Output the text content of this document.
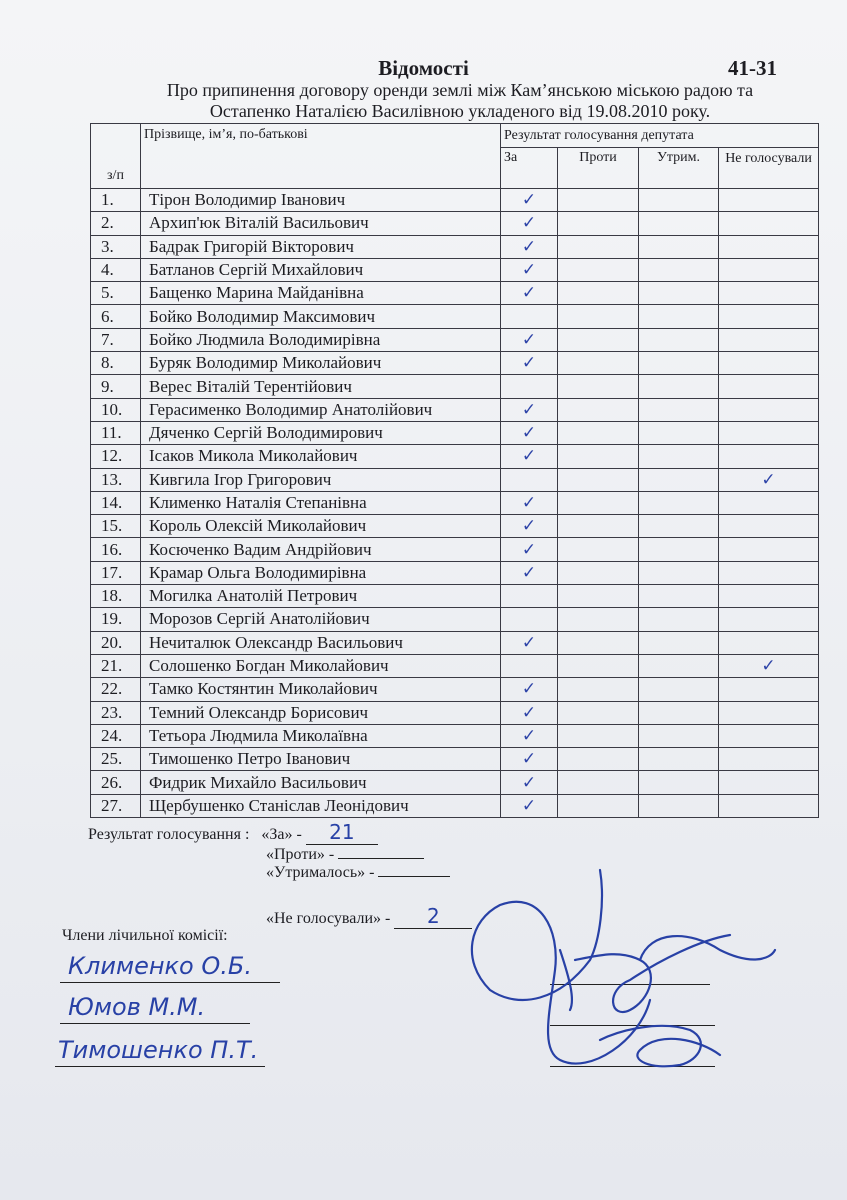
Відомості	41-31
Про припинення договору оренди землі між Кам’янською міською радою та
Остапенко Наталією Василівною укладеного від 19.08.2010 року.
з/п	Прізвище, ім’я, по-батькові	Результат голосування депутата			
		За	Проти	Утрим.	Не голосували
1.	Тірон Володимир Іванович	✓			
2.	Архип'юк Віталій Васильович	✓			
3.	Бадрак Григорій Вікторович	✓			
4.	Батланов Сергій Михайлович	✓			
5.	Бащенко Марина Майданівна	✓			
6.	Бойко Володимир Максимович				
7.	Бойко Людмила Володимирівна	✓			
8.	Буряк Володимир Миколайович	✓			
9.	Верес Віталій Терентійович				
10.	Герасименко Володимир Анатолійович	✓			
11.	Дяченко Сергій Володимирович	✓			
12.	Ісаков Микола Миколайович	✓			
13.	Кивгила Ігор Григорович				✓
14.	Клименко Наталія Степанівна	✓			
15.	Король Олексій Миколайович	✓			
16.	Косюченко Вадим Андрійович	✓			
17.	Крамар Ольга Володимирівна	✓			
18.	Могилка Анатолій Петрович				
19.	Морозов Сергій Анатолійович				
20.	Нечиталюк Олександр Васильович	✓			
21.	Солошенко Богдан Миколайович				✓
22.	Тамко Костянтин Миколайович	✓			
23.	Темний Олександр Борисович	✓			
24.	Тетьора Людмила Миколаївна	✓			
25.	Тимошенко Петро Іванович	✓			
26.	Фидрик Михайло Васильович	✓			
27.	Щербушенко Станіслав Леонідович	✓			
Результат голосування : «За» - 21
«Проти» -
«Утрималось» -
«Не голосували» - 2
Члени лічильної комісії:
Клименко О.Б.
Юмов М.М.
Тимошенко П.Т.
